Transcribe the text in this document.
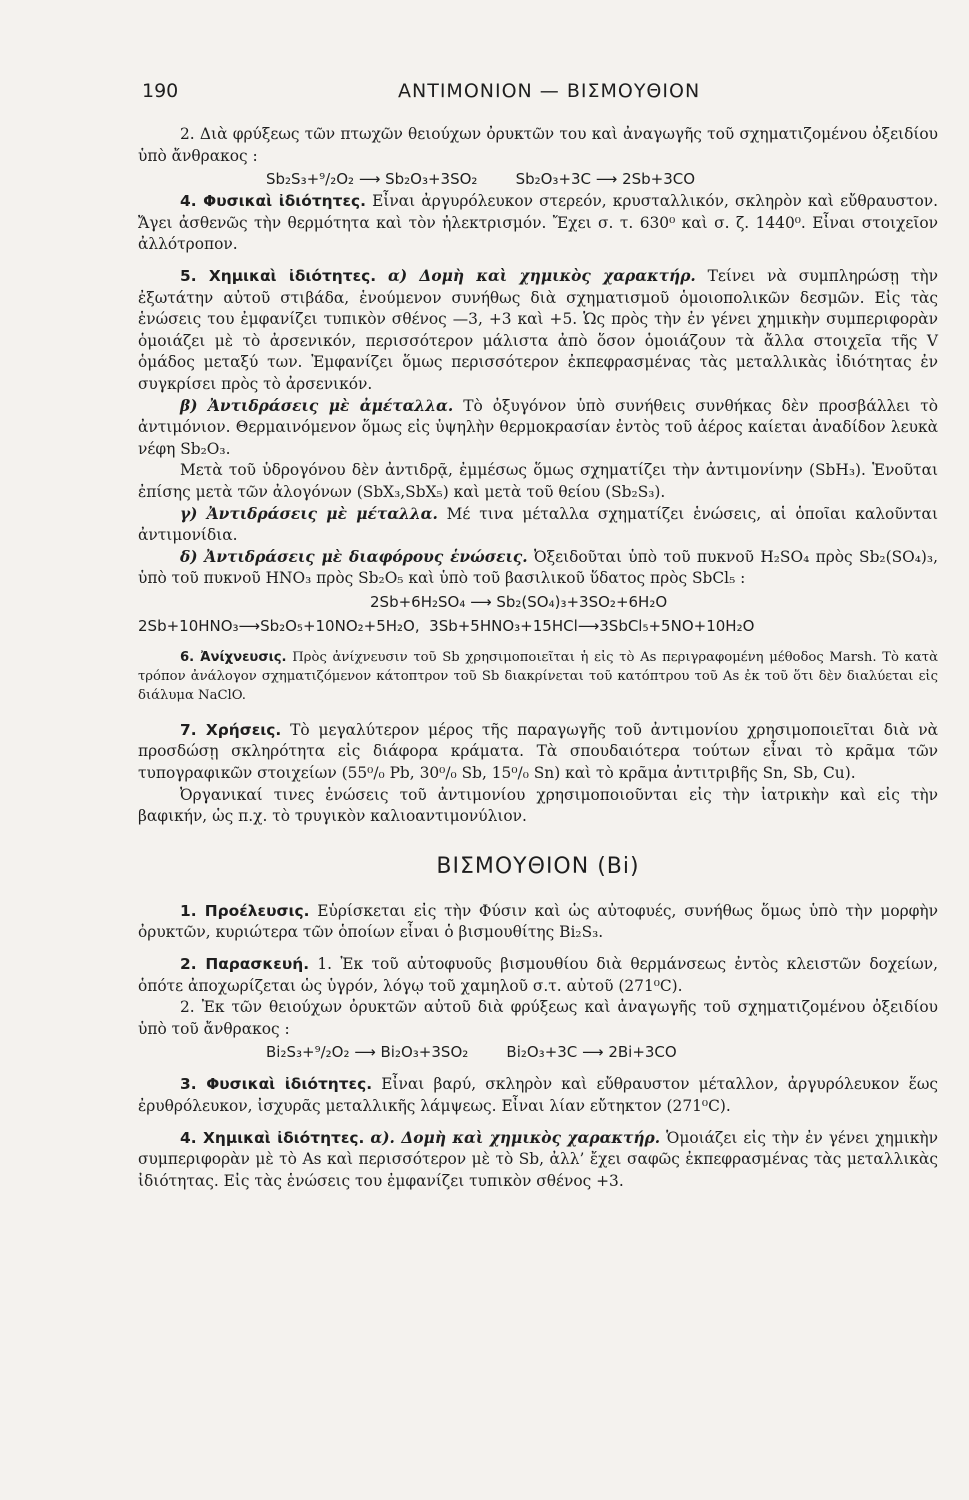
190	ΑΝΤΙΜΟΝΙΟΝ — ΒΙΣΜΟΥΘΙΟΝ

2. Διὰ φρύξεως τῶν πτωχῶν θειούχων ὀρυκτῶν του καὶ ἀναγωγῆς τοῦ σχηματιζομένου ὀξειδίου ὑπὸ ἄνθρακος :

Sb₂S₃+⁹/₂O₂ ⟶ Sb₂O₃+3SO₂        Sb₂O₃+3C ⟶ 2Sb+3CO

4. Φυσικαὶ ἰδιότητες. Εἶναι ἀργυρόλευκον στερεόν, κρυσταλλικόν, σκληρὸν καὶ εὔθραυστον. Ἄγει ἀσθενῶς τὴν θερμότητα καὶ τὸν ἠλεκτρισμόν. Ἔχει σ. τ. 630⁰ καὶ σ. ζ. 1440⁰. Εἶναι στοιχεῖον ἀλλότροπον.

5. Χημικαὶ ἰδιότητες. α) Δομὴ καὶ χημικὸς χαρακτήρ. Τείνει νὰ συμπληρώσῃ τὴν ἐξωτάτην αὐτοῦ στιβάδα, ἑνούμενον συνήθως διὰ σχηματισμοῦ ὁμοιοπολικῶν δεσμῶν. Εἰς τὰς ἑνώσεις του ἐμφανίζει τυπικὸν σθένος —3, +3 καὶ +5. Ὡς πρὸς τὴν ἐν γένει χημικὴν συμπεριφορὰν ὁμοιάζει μὲ τὸ ἀρσενικόν, περισσότερον μάλιστα ἀπὸ ὅσον ὁμοιάζουν τὰ ἄλλα στοιχεῖα τῆς V ὁμάδος μεταξύ των. Ἐμφανίζει ὅμως περισσότερον ἐκπεφρασμένας τὰς μεταλλικὰς ἰδιότητας ἐν συγκρίσει πρὸς τὸ ἀρσενικόν.

β) Ἀντιδράσεις μὲ ἀμέταλλα. Τὸ ὀξυγόνον ὑπὸ συνήθεις συνθήκας δὲν προσβάλλει τὸ ἀντιμόνιον. Θερμαινόμενον ὅμως εἰς ὑψηλὴν θερμοκρασίαν ἐντὸς τοῦ ἀέρος καίεται ἀναδίδον λευκὰ νέφη Sb₂O₃.

Μετὰ τοῦ ὑδρογόνου δὲν ἀντιδρᾷ, ἐμμέσως ὅμως σχηματίζει τὴν ἀντιμονίνην (SbH₃). Ἑνοῦται ἐπίσης μετὰ τῶν ἀλογόνων (SbX₃,SbX₅) καὶ μετὰ τοῦ θείου (Sb₂S₃).

γ) Ἀντιδράσεις μὲ μέταλλα. Μέ τινα μέταλλα σχηματίζει ἑνώσεις, αἱ ὁποῖαι καλοῦνται ἀντιμονίδια.

δ) Ἀντιδράσεις μὲ διαφόρους ἑνώσεις. Ὀξειδοῦται ὑπὸ τοῦ πυκνοῦ H₂SO₄ πρὸς Sb₂(SO₄)₃, ὑπὸ τοῦ πυκνοῦ HNO₃ πρὸς Sb₂O₅ καὶ ὑπὸ τοῦ βασιλικοῦ ὕδατος πρὸς SbCl₅ :

2Sb+6H₂SO₄ ⟶ Sb₂(SO₄)₃+3SO₂+6H₂O
2Sb+10HNO₃⟶Sb₂O₅+10NO₂+5H₂O,  3Sb+5HNO₃+15HCl⟶3SbCl₅+5NO+10H₂O

6. Ἀνίχνευσις. Πρὸς ἀνίχνευσιν τοῦ Sb χρησιμοποιεῖται ἡ εἰς τὸ As περιγραφομένη μέθοδος Marsh. Τὸ κατὰ τρόπον ἀνάλογον σχηματιζόμενον κάτοπτρον τοῦ Sb διακρίνεται τοῦ κατόπτρου τοῦ As ἐκ τοῦ ὅτι δὲν διαλύεται εἰς διάλυμα NaClO.

7. Χρήσεις. Τὸ μεγαλύτερον μέρος τῆς παραγωγῆς τοῦ ἀντιμονίου χρησιμοποιεῖται διὰ νὰ προσδώσῃ σκληρότητα εἰς διάφορα κράματα. Τὰ σπουδαιότερα τούτων εἶναι τὸ κρᾶμα τῶν τυπογραφικῶν στοιχείων (55⁰/₀ Pb, 30⁰/₀ Sb, 15⁰/₀ Sn) καὶ τὸ κρᾶμα ἀντιτριβῆς Sn, Sb, Cu).

Ὀργανικαί τινες ἑνώσεις τοῦ ἀντιμονίου χρησιμοποιοῦνται εἰς τὴν ἰατρικὴν καὶ εἰς τὴν βαφικήν, ὡς π.χ. τὸ τρυγικὸν καλιοαντιμονύλιον.

ΒΙΣΜΟΥΘΙΟΝ (Bi)

1. Προέλευσις. Εὑρίσκεται εἰς τὴν Φύσιν καὶ ὡς αὐτοφυές, συνήθως ὅμως ὑπὸ τὴν μορφὴν ὀρυκτῶν, κυριώτερα τῶν ὁποίων εἶναι ὁ βισμουθίτης Bi₂S₃.

2. Παρασκευή. 1. Ἐκ τοῦ αὐτοφυοῦς βισμουθίου διὰ θερμάνσεως ἐντὸς κλειστῶν δοχείων, ὁπότε ἀποχωρίζεται ὡς ὑγρόν, λόγῳ τοῦ χαμηλοῦ σ.τ. αὐτοῦ (271⁰C).

2. Ἐκ τῶν θειούχων ὀρυκτῶν αὐτοῦ διὰ φρύξεως καὶ ἀναγωγῆς τοῦ σχηματιζομένου ὀξειδίου ὑπὸ τοῦ ἄνθρακος :

Bi₂S₃+⁹/₂O₂ ⟶ Bi₂O₃+3SO₂        Bi₂O₃+3C ⟶ 2Bi+3CO

3. Φυσικαὶ ἰδιότητες. Εἶναι βαρύ, σκληρὸν καὶ εὔθραυστον μέταλλον, ἀργυρόλευκον ἕως ἐρυθρόλευκον, ἰσχυρᾶς μεταλλικῆς λάμψεως. Εἶναι λίαν εὔτηκτον (271⁰C).

4. Χημικαὶ ἰδιότητες. α). Δομὴ καὶ χημικὸς χαρακτήρ. Ὁμοιάζει εἰς τὴν ἐν γένει χημικὴν συμπεριφορὰν μὲ τὸ As καὶ περισσότερον μὲ τὸ Sb, ἀλλ’ ἔχει σαφῶς ἐκπεφρασμένας τὰς μεταλλικὰς ἰδιότητας. Εἰς τὰς ἑνώσεις του ἐμφανίζει τυπικὸν σθένος +3.
